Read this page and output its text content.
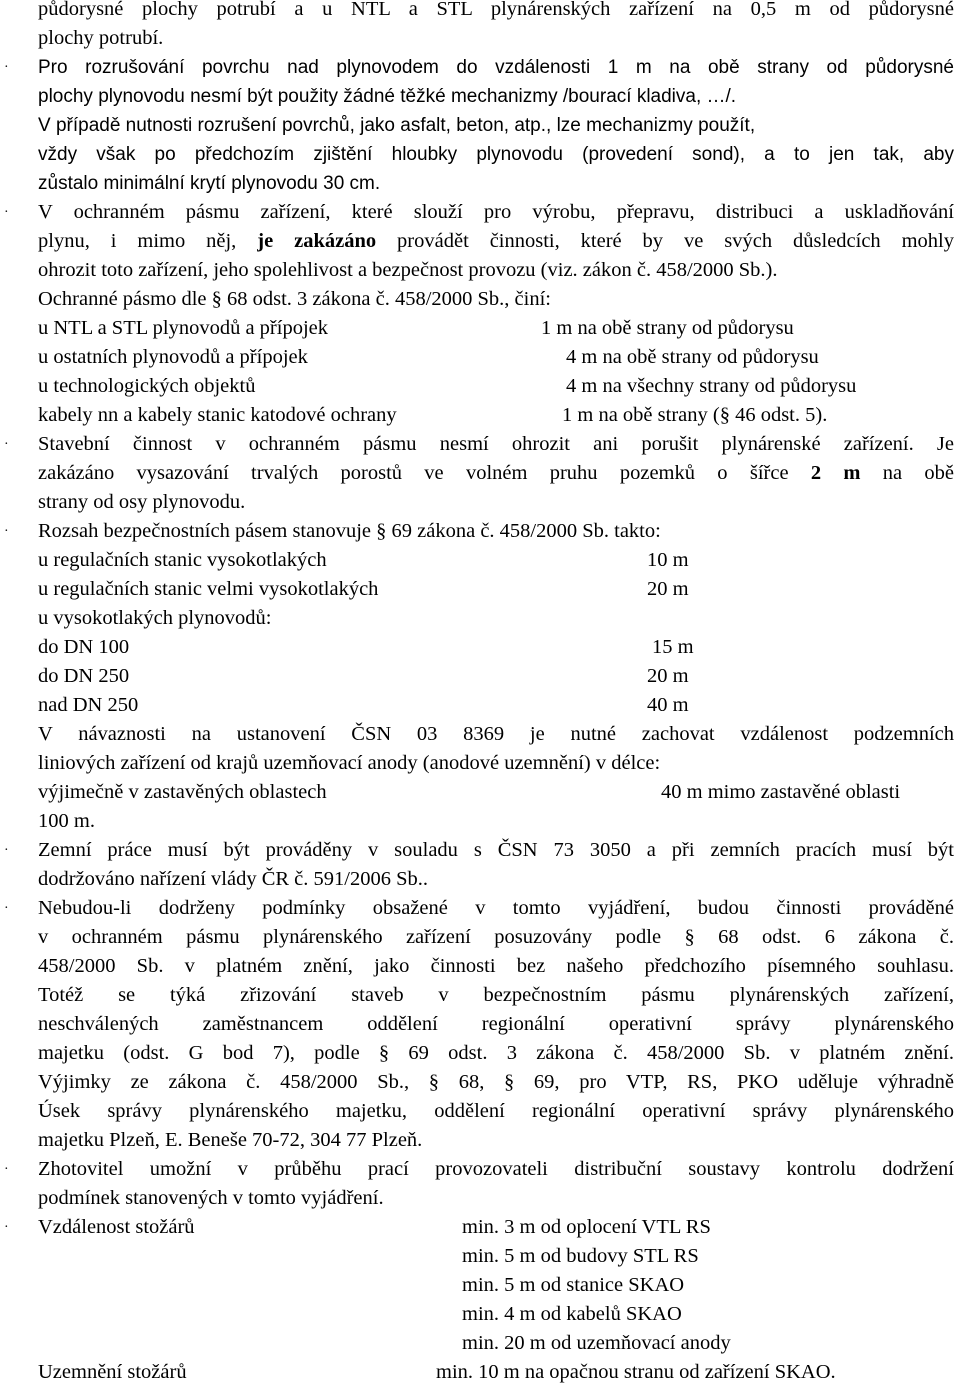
půdorysné plochy potrubí a u NTL a STL plynárenských zařízení na 0,5 m od půdorysné
plochy potrubí.
·	Pro rozrušování povrchu nad plynovodem do vzdálenosti 1 m na obě strany od půdorysné
plochy plynovodu nesmí být použity žádné těžké mechanizmy /bourací kladiva, …/.
V případě nutnosti rozrušení povrchů, jako asfalt, beton, atp., lze mechanizmy použít,
vždy však po předchozím zjištění hloubky plynovodu (provedení sond), a to jen tak, aby
zůstalo minimální krytí plynovodu 30 cm.
·	V ochranném pásmu zařízení, které slouží pro výrobu, přepravu, distribuci a uskladňování
plynu, i mimo něj, je zakázáno provádět činnosti, které by ve svých důsledcích mohly
ohrozit toto zařízení, jeho spolehlivost a bezpečnost provozu (viz. zákon č. 458/2000 Sb.).
Ochranné pásmo dle § 68 odst. 3 zákona č. 458/2000 Sb., činí:
u NTL a STL plynovodů a přípojek	1 m na obě strany od půdorysu
u ostatních plynovodů a přípojek	4 m na obě strany od půdorysu
u technologických objektů	4 m na všechny strany od půdorysu
kabely nn a kabely stanic katodové ochrany	1 m na obě strany (§ 46 odst. 5).
·	Stavební činnost v ochranném pásmu nesmí ohrozit ani porušit plynárenské zařízení. Je
zakázáno vysazování trvalých porostů ve volném pruhu pozemků o šířce 2 m na obě
strany od osy plynovodu.
·	Rozsah bezpečnostních pásem stanovuje § 69 zákona č. 458/2000 Sb. takto:
u regulačních stanic vysokotlakých	10 m
u regulačních stanic velmi vysokotlakých	20 m
u vysokotlakých plynovodů:
do DN 100	15 m
do DN 250	20 m
nad DN 250	40 m
V návaznosti na ustanovení ČSN 03 8369 je nutné zachovat vzdálenost podzemních
liniových zařízení od krajů uzemňovací anody (anodové uzemnění) v délce:
výjimečně v zastavěných oblastech	40 m mimo zastavěné oblasti
100 m.
·	Zemní práce musí být prováděny v souladu s ČSN 73 3050 a při zemních pracích musí být
dodržováno nařízení vlády ČR č. 591/2006 Sb..
·	Nebudou-li dodrženy podmínky obsažené v tomto vyjádření, budou činnosti prováděné
v ochranném pásmu plynárenského zařízení posuzovány podle § 68 odst. 6 zákona č.
458/2000 Sb. v platném znění, jako činnosti bez našeho předchozího písemného souhlasu.
Totéž se týká zřizování staveb v bezpečnostním pásmu plynárenských zařízení,
neschválených zaměstnancem oddělení regionální operativní správy plynárenského
majetku (odst. G bod 7), podle § 69 odst. 3 zákona č. 458/2000 Sb. v platném znění.
Výjimky ze zákona č. 458/2000 Sb., § 68, § 69, pro VTP, RS, PKO uděluje výhradně
Úsek správy plynárenského majetku, oddělení regionální operativní správy plynárenského
majetku Plzeň, E. Beneše 70-72, 304 77 Plzeň.
·	Zhotovitel umožní v průběhu prací provozovateli distribuční soustavy kontrolu dodržení
podmínek stanovených v tomto vyjádření.
·	Vzdálenost stožárů	min. 3 m od oplocení VTL RS
min. 5 m od budovy STL RS
min. 5 m od stanice SKAO
min. 4 m od kabelů SKAO
min. 20 m od uzemňovací anody
Uzemnění stožárů	min. 10 m na opačnou stranu od zařízení SKAO.
